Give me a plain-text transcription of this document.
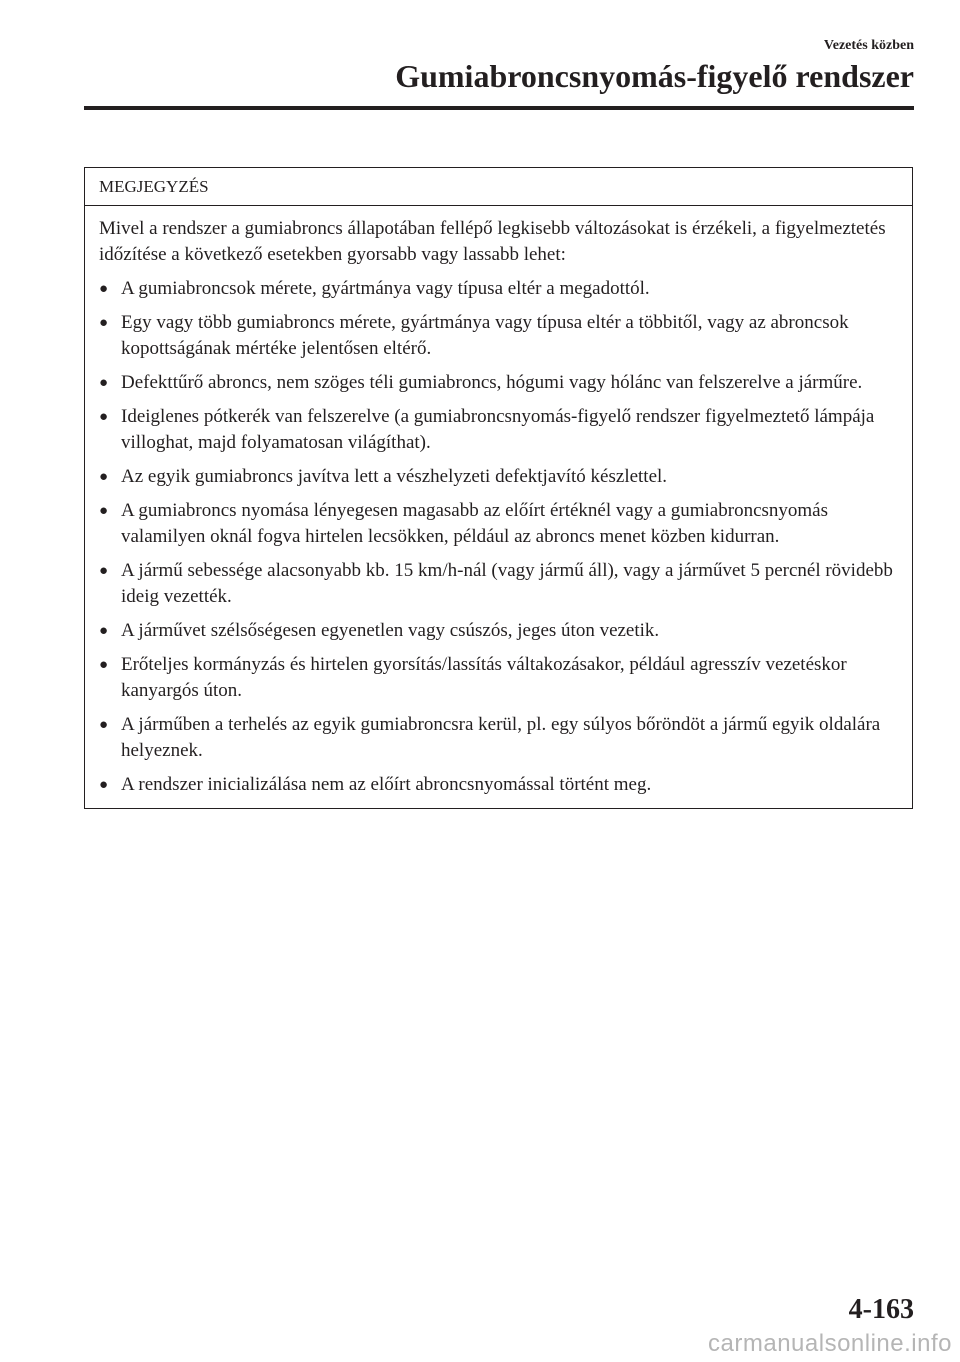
Vezetés közben
Gumiabroncsnyomás-figyelő rendszer
MEGJEGYZÉS

Mivel a rendszer a gumiabroncs állapotában fellépő legkisebb változásokat is érzékeli, a figyelmeztetés időzítése a következő esetekben gyorsabb vagy lassabb lehet:

● A gumiabroncsok mérete, gyártmánya vagy típusa eltér a megadottól.
● Egy vagy több gumiabroncs mérete, gyártmánya vagy típusa eltér a többitől, vagy az abroncsok kopottságának mértéke jelentősen eltérő.
● Defekttűrő abroncs, nem szöges téli gumiabroncs, hógumi vagy hólánc van felszerelve a járműre.
● Ideiglenes pótkerék van felszerelve (a gumiabroncsnyomás-figyelő rendszer figyelmeztető lámpája villoghat, majd folyamatosan világíthat).
● Az egyik gumiabroncs javítva lett a vészhelyzeti defektjavító készlettel.
● A gumiabroncs nyomása lényegesen magasabb az előírt értéknél vagy a gumiabroncsnyomás valamilyen oknál fogva hirtelen lecsökken, például az abroncs menet közben kidurran.
● A jármű sebessége alacsonyabb kb. 15 km/h-nál (vagy jármű áll), vagy a járművet 5 percnél rövidebb ideig vezették.
● A járművet szélsőségesen egyenetlen vagy csúszós, jeges úton vezetik.
● Erőteljes kormányzás és hirtelen gyorsítás/lassítás váltakozásakor, például agresszív vezetéskor kanyargós úton.
● A járműben a terhelés az egyik gumiabroncsra kerül, pl. egy súlyos bőröndöt a jármű egyik oldalára helyeznek.
● A rendszer inicializálása nem az előírt abroncsnyomással történt meg.
4-163
carmanualsonline.info
